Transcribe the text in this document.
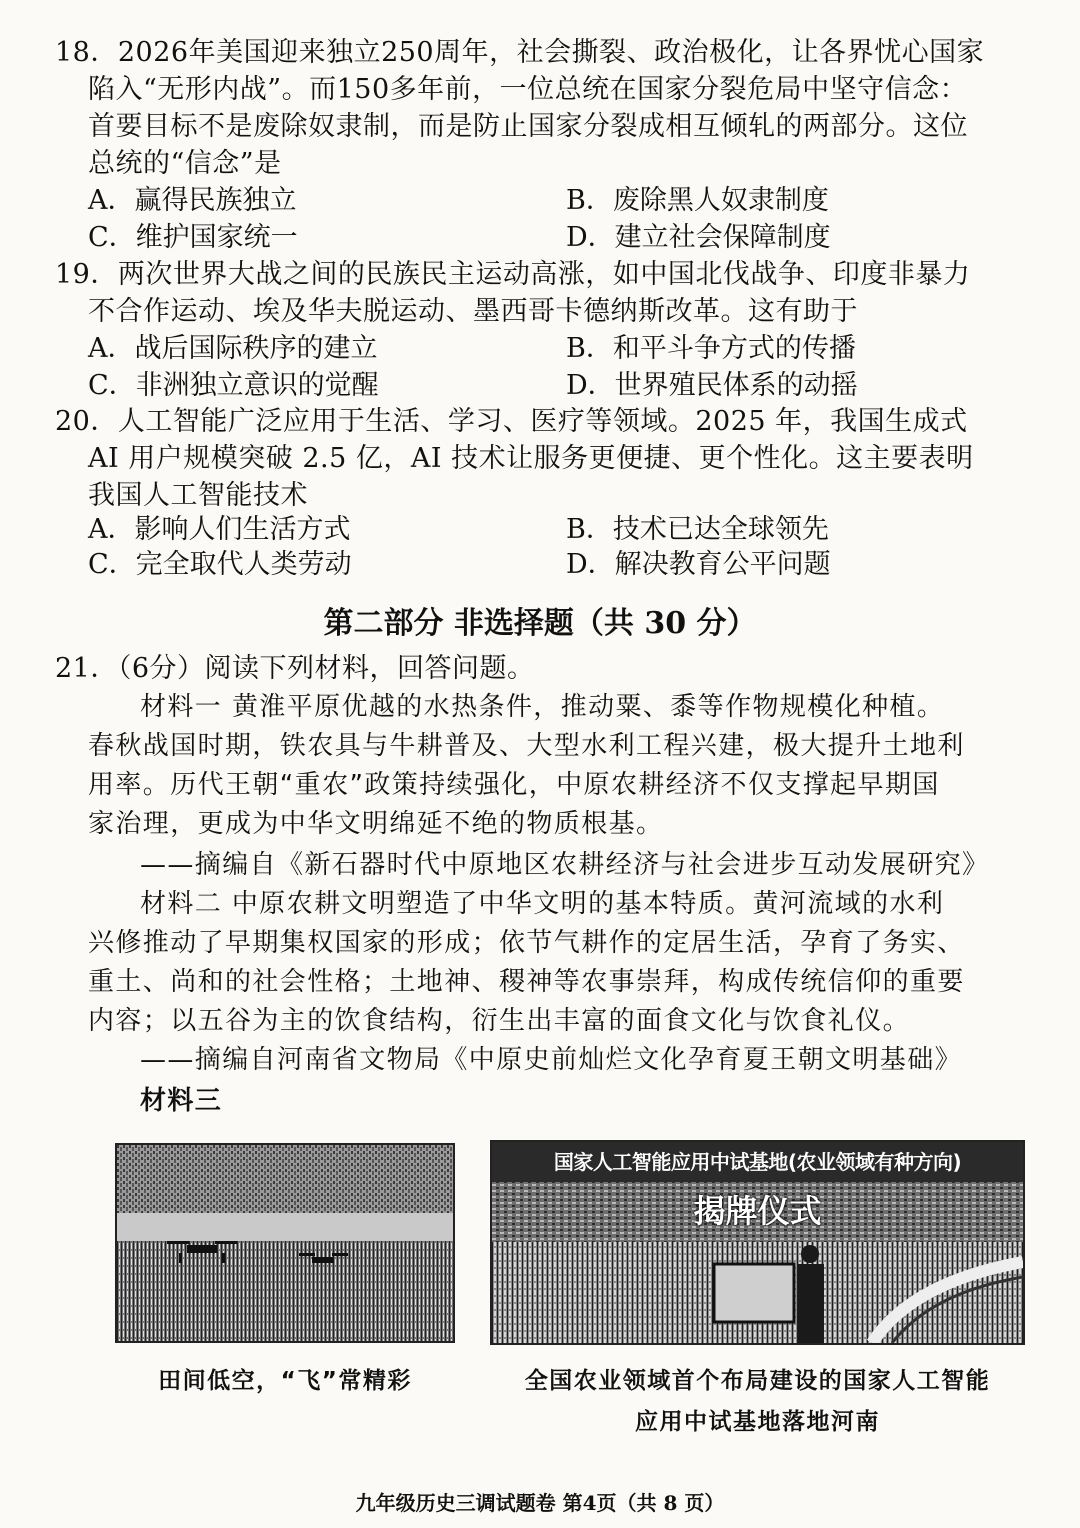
18．2026年美国迎来独立250周年，社会撕裂、政治极化，让各界忧心国家
陷入“无形内战”。而150多年前，一位总统在国家分裂危局中坚守信念：
首要目标不是废除奴隶制，而是防止国家分裂成相互倾轧的两部分。这位
总统的“信念”是
A．赢得民族独立	B．废除黑人奴隶制度
C．维护国家统一	D．建立社会保障制度
19．两次世界大战之间的民族民主运动高涨，如中国北伐战争、印度非暴力
不合作运动、埃及华夫脱运动、墨西哥卡德纳斯改革。这有助于
A．战后国际秩序的建立	B．和平斗争方式的传播
C．非洲独立意识的觉醒	D．世界殖民体系的动摇
20．人工智能广泛应用于生活、学习、医疗等领域。2025 年，我国生成式
AI 用户规模突破 2.5 亿，AI 技术让服务更便捷、更个性化。这主要表明
我国人工智能技术
A．影响人们生活方式	B．技术已达全球领先
C．完全取代人类劳动	D．解决教育公平问题
第二部分 非选择题（共 30 分）
21．（6分）阅读下列材料，回答问题。
材料一 黄淮平原优越的水热条件，推动粟、黍等作物规模化种植。
春秋战国时期，铁农具与牛耕普及、大型水利工程兴建，极大提升土地利
用率。历代王朝“重农”政策持续强化，中原农耕经济不仅支撑起早期国
家治理，更成为中华文明绵延不绝的物质根基。
——摘编自《新石器时代中原地区农耕经济与社会进步互动发展研究》
材料二 中原农耕文明塑造了中华文明的基本特质。黄河流域的水利
兴修推动了早期集权国家的形成；依节气耕作的定居生活，孕育了务实、
重土、尚和的社会性格；土地神、稷神等农事崇拜，构成传统信仰的重要
内容；以五谷为主的饮食结构，衍生出丰富的面食文化与饮食礼仪。
——摘编自河南省文物局《中原史前灿烂文化孕育夏王朝文明基础》
材料三
田间低空，“飞”常精彩
国家人工智能应用中试基地(农业领域有种方向)
揭牌仪式
全国农业领域首个布局建设的国家人工智能
应用中试基地落地河南
九年级历史三调试题卷 第4页（共 8 页）
